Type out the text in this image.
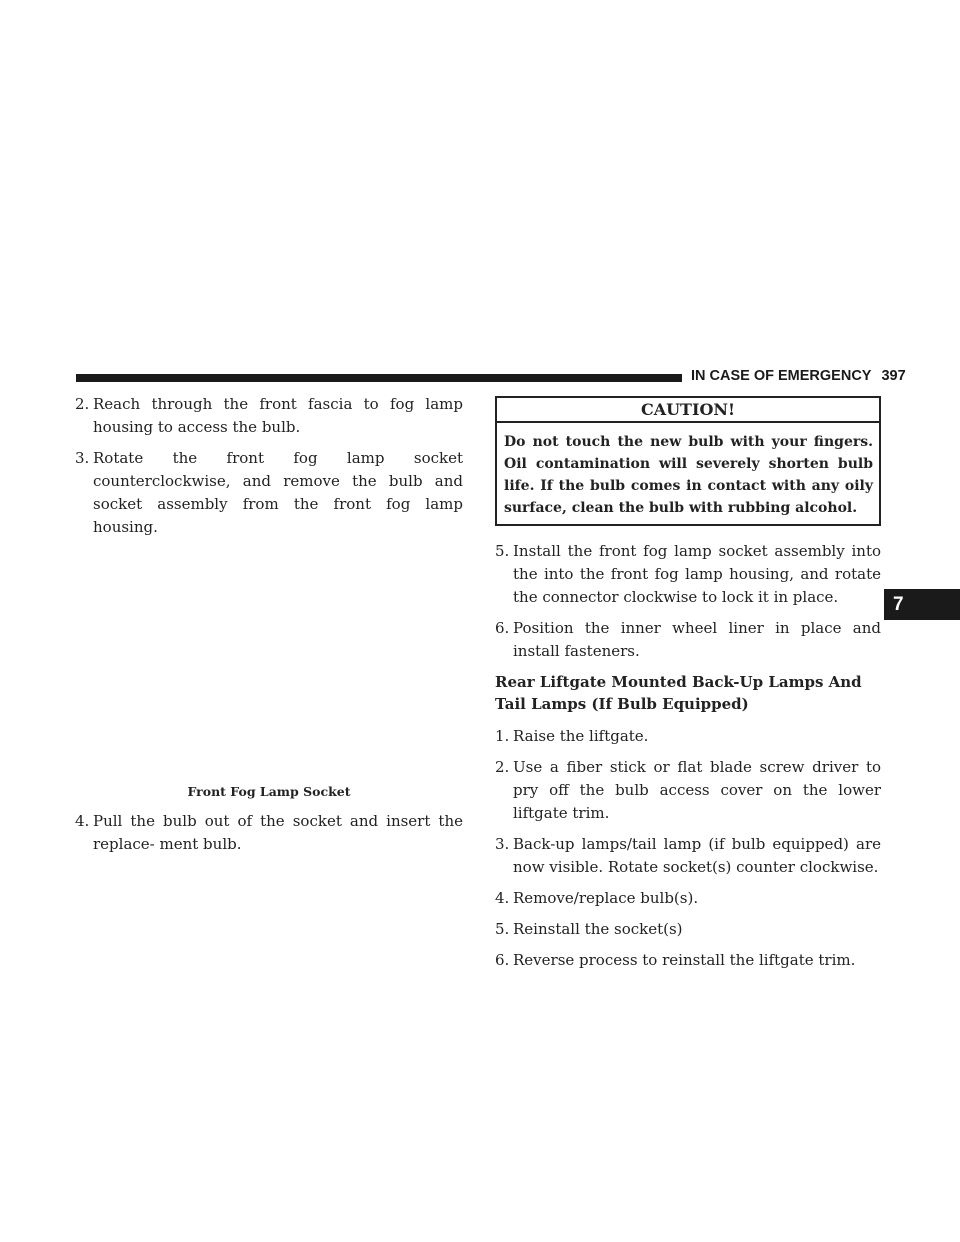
IN CASE OF EMERGENCY 397
7
2. Reach through the front fascia to fog lamp housing to access the bulb.
3. Rotate the front fog lamp socket counterclockwise, and remove the bulb and socket assembly from the front fog lamp housing.
Front Fog Lamp Socket
4. Pull the bulb out of the socket and insert the replace- ment bulb.
CAUTION!
Do not touch the new bulb with your fingers. Oil contamination will severely shorten bulb life. If the bulb comes in contact with any oily surface, clean the bulb with rubbing alcohol.
5. Install the front fog lamp socket assembly into the into the front fog lamp housing, and rotate the connector clockwise to lock it in place.
6. Position the inner wheel liner in place and install fasteners.
Rear Liftgate Mounted Back-Up Lamps And Tail Lamps (If Bulb Equipped)
1. Raise the liftgate.
2. Use a fiber stick or flat blade screw driver to pry off the bulb access cover on the lower liftgate trim.
3. Back-up lamps/tail lamp (if bulb equipped) are now visible. Rotate socket(s) counter clockwise.
4. Remove/replace bulb(s).
5. Reinstall the socket(s)
6. Reverse process to reinstall the liftgate trim.
